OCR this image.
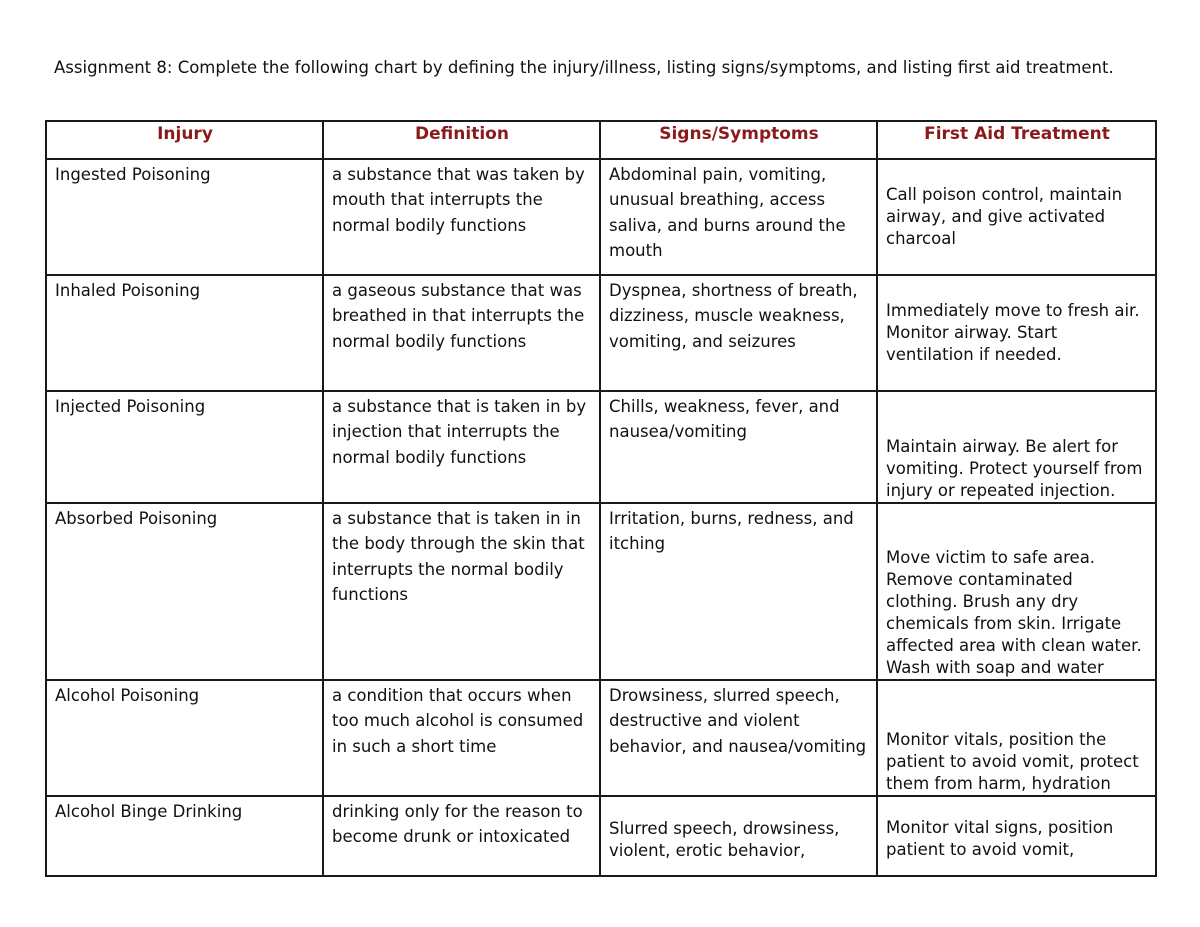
Assignment 8: Complete the following chart by defining the injury/illness, listing signs/symptoms, and listing first aid treatment.

Injury	Definition	Signs/Symptoms	First Aid Treatment
Ingested Poisoning	a substance that was taken by mouth that interrupts the normal bodily functions	Abdominal pain, vomiting, unusual breathing, access saliva, and burns around the mouth	Call poison control, maintain airway, and give activated charcoal
Inhaled Poisoning	a gaseous substance that was breathed in that interrupts the normal bodily functions	Dyspnea, shortness of breath, dizziness, muscle weakness, vomiting, and seizures	Immediately move to fresh air. Monitor airway. Start ventilation if needed.
Injected Poisoning	a substance that is taken in by injection that interrupts the normal bodily functions	Chills, weakness, fever, and nausea/vomiting	Maintain airway. Be alert for vomiting. Protect yourself from injury or repeated injection.
Absorbed Poisoning	a substance that is taken in in the body through the skin that interrupts the normal bodily functions	Irritation, burns, redness, and itching	Move victim to safe area. Remove contaminated clothing. Brush any dry chemicals from skin. Irrigate affected area with clean water. Wash with soap and water
Alcohol Poisoning	a condition that occurs when too much alcohol is consumed in such a short time	Drowsiness, slurred speech, destructive and violent behavior, and nausea/vomiting	Monitor vitals, position the patient to avoid vomit, protect them from harm, hydration
Alcohol Binge Drinking	drinking only for the reason to become drunk or intoxicated	Slurred speech, drowsiness, violent, erotic behavior,	Monitor vital signs, position patient to avoid vomit,
